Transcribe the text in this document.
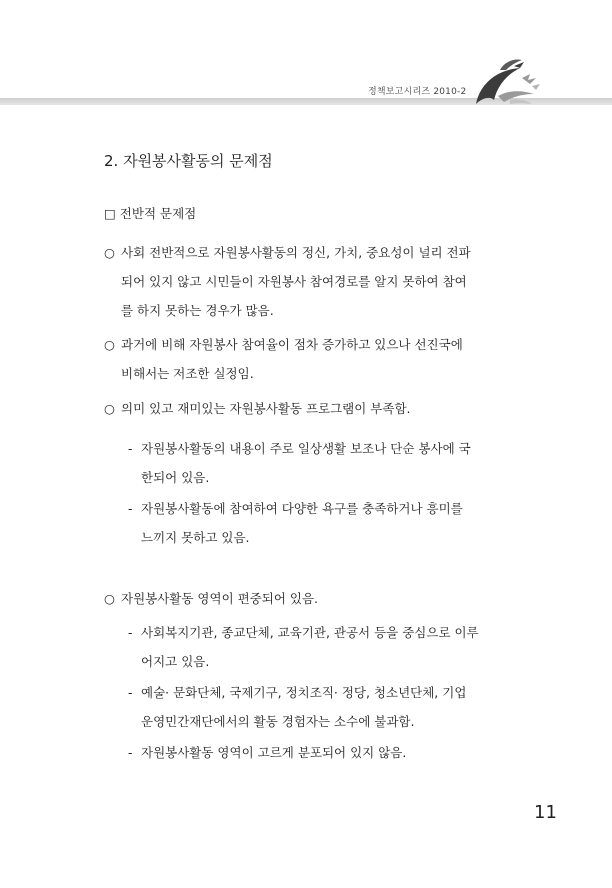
정책보고시리즈 2010-2
2. 자원봉사활동의 문제점
□ 전반적 문제점
○ 사회 전반적으로 자원봉사활동의 정신, 가치, 중요성이 널리 전파
되어 있지 않고 시민들이 자원봉사 참여경로를 알지 못하여 참여
를 하지 못하는 경우가 많음.
○ 과거에 비해 자원봉사 참여율이 점차 증가하고 있으나 선진국에
비해서는 저조한 실정임.
○ 의미 있고 재미있는 자원봉사활동 프로그램이 부족함.
- 자원봉사활동의 내용이 주로 일상생활 보조나 단순 봉사에 국
한되어 있음.
- 자원봉사활동에 참여하여 다양한 욕구를 충족하거나 흥미를
느끼지 못하고 있음.
○ 자원봉사활동 영역이 편중되어 있음.
- 사회복지기관, 종교단체, 교육기관, 관공서 등을 중심으로 이루
어지고 있음.
- 예술· 문화단체, 국제기구, 정치조직· 정당, 청소년단체, 기업
운영민간재단에서의 활동 경험자는 소수에 불과함.
- 자원봉사활동 영역이 고르게 분포되어 있지 않음.
11
